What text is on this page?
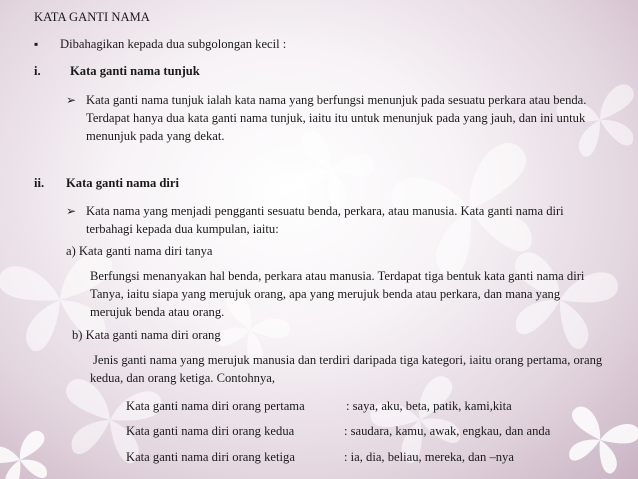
KATA GANTI NAMA
▪ Dibahagikan kepada dua subgolongan kecil :
i. Kata ganti nama tunjuk
➢ Kata ganti nama tunjuk ialah kata nama yang berfungsi menunjuk pada sesuatu perkara atau benda. Terdapat hanya dua kata ganti nama tunjuk, iaitu itu untuk menunjuk pada yang jauh, dan ini untuk menunjuk pada yang dekat.
ii. Kata ganti nama diri
➢ Kata nama yang menjadi pengganti sesuatu benda, perkara, atau manusia. Kata ganti nama diri terbahagi kepada dua kumpulan, iaitu:
a) Kata ganti nama diri tanya
Berfungsi menanyakan hal benda, perkara atau manusia. Terdapat tiga bentuk kata ganti nama diri Tanya, iaitu siapa yang merujuk orang, apa yang merujuk benda atau perkara, dan mana yang merujuk benda atau orang.
b) Kata ganti nama diri orang
Jenis ganti nama yang merujuk manusia dan terdiri daripada tiga kategori, iaitu orang pertama, orang kedua, dan orang ketiga. Contohnya,
Kata ganti nama diri orang pertama	: saya, aku, beta, patik, kami,kita
Kata ganti nama diri orang kedua	: saudara, kamu, awak, engkau, dan anda
Kata ganti nama diri orang ketiga	: ia, dia, beliau, mereka, dan –nya
